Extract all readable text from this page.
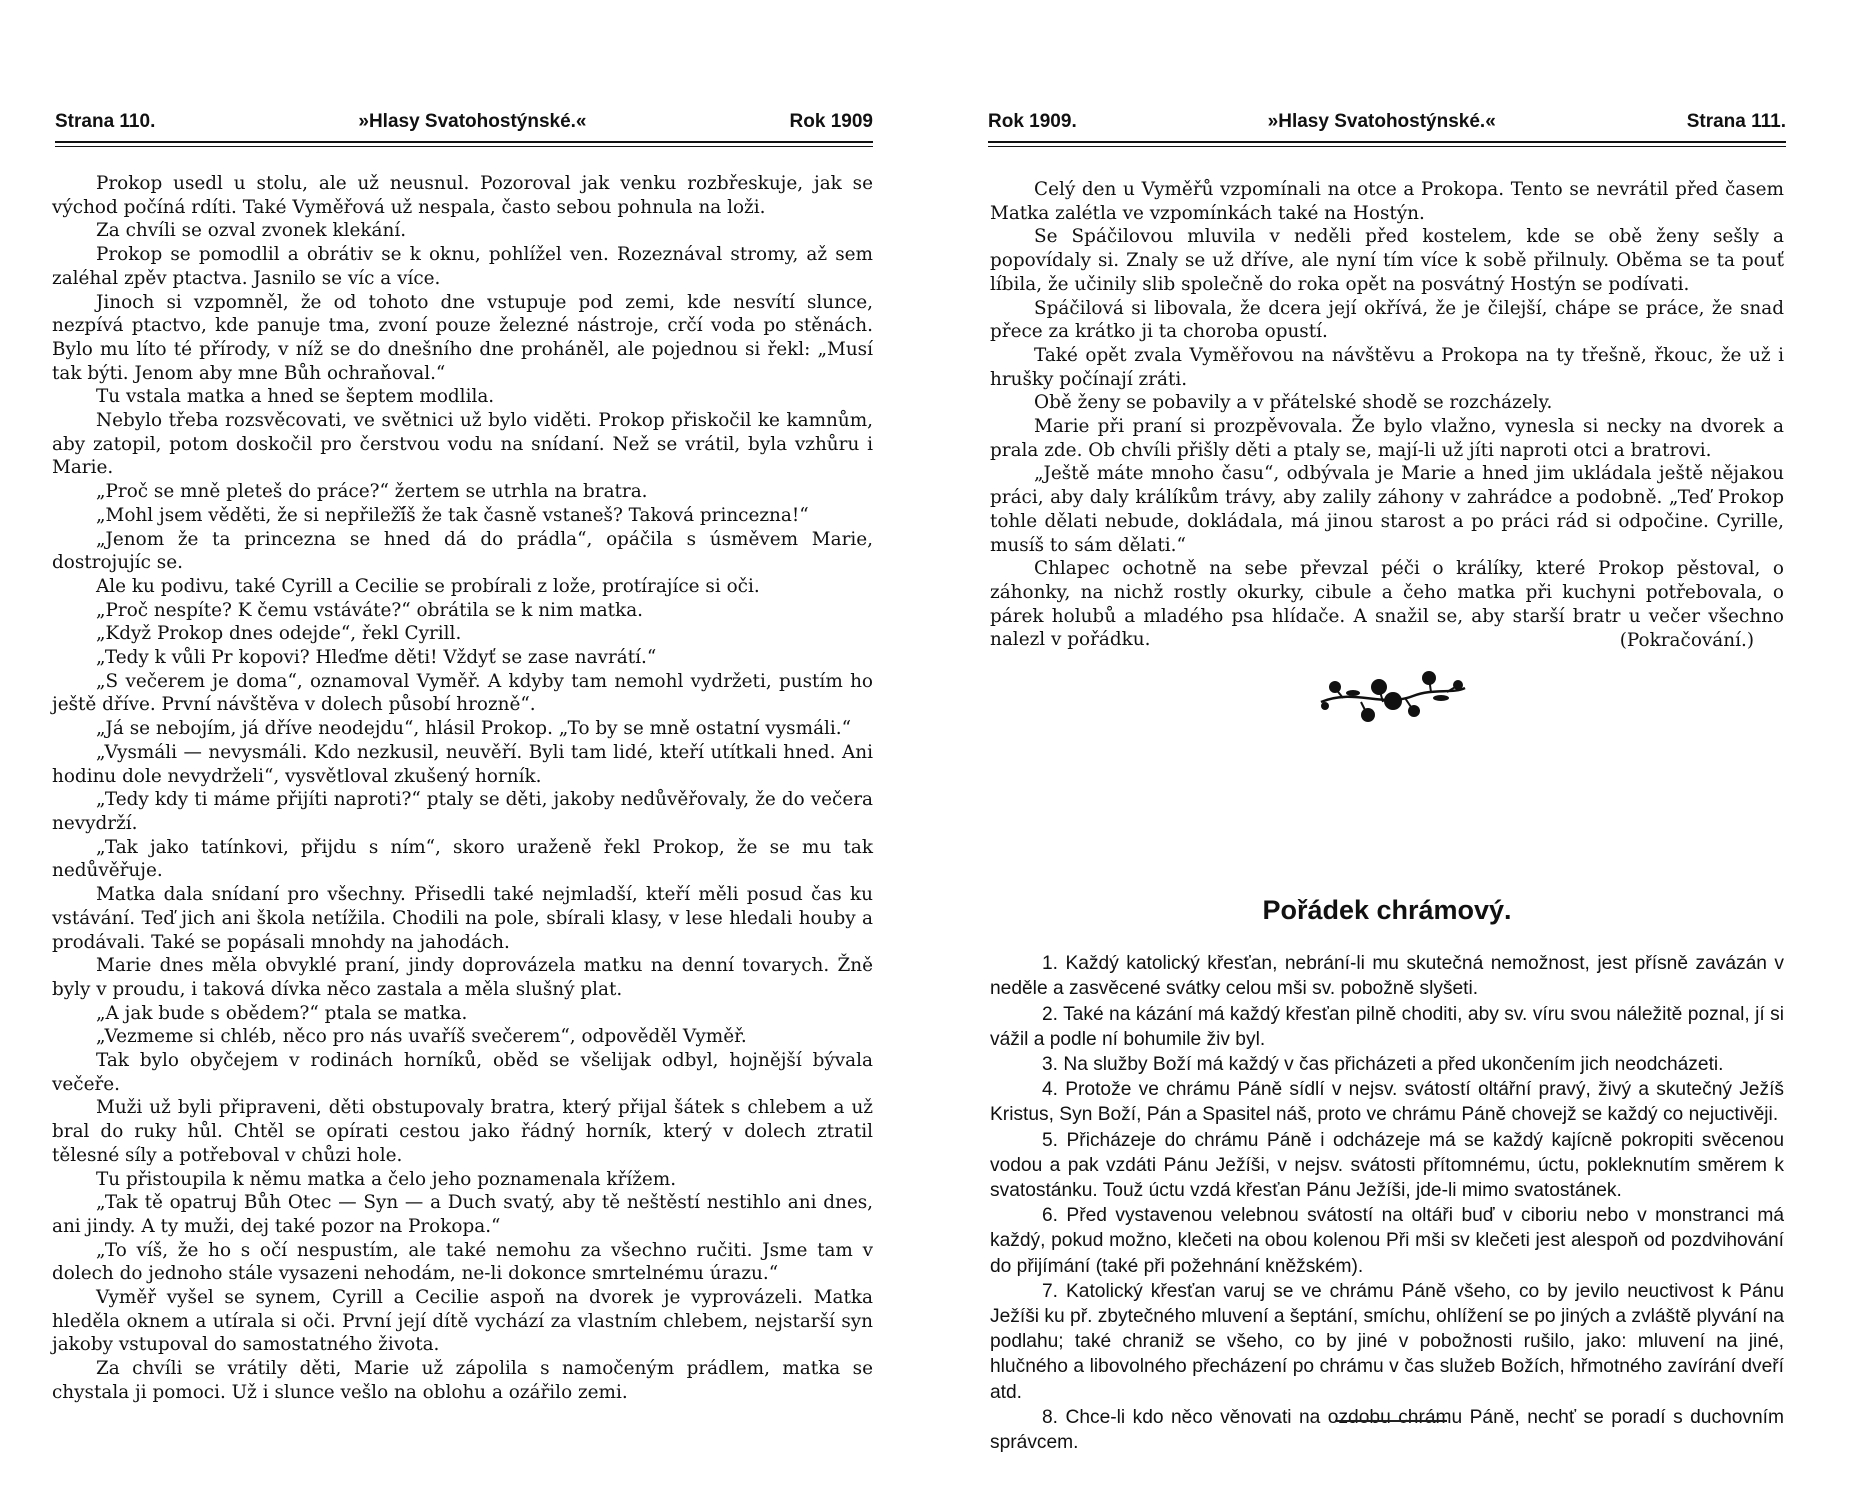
Strana 110.	»Hlasy Svatohostýnské.«	Rok 1909

Prokop usedl u stolu, ale už neusnul. Pozoroval jak venku rozbřeskuje, jak se východ počíná rdíti. Také Vyměřová už nespala, často sebou pohnula na loži.

Za chvíli se ozval zvonek klekání.

Prokop se pomodlil a obrátiv se k oknu, pohlížel ven. Rozeznával stromy, až sem zaléhal zpěv ptactva. Jasnilo se víc a více.

Jinoch si vzpomněl, že od tohoto dne vstupuje pod zemi, kde nesvítí slunce, nezpívá ptactvo, kde panuje tma, zvoní pouze železné nástroje, crčí voda po stěnách. Bylo mu líto té přírody, v níž se do dnešního dne proháněl, ale pojednou si řekl: „Musí tak býti. Jenom aby mne Bůh ochraňoval.“

Tu vstala matka a hned se šeptem modlila.

Nebylo třeba rozsvěcovati, ve světnici už bylo viděti. Prokop přiskočil ke kamnům, aby zatopil, potom doskočil pro čerstvou vodu na snídaní. Než se vrátil, byla vzhůru i Marie.

„Proč se mně pleteš do práce?“ žertem se utrhla na bratra.

„Mohl jsem věděti, že si nepřileží̌š že tak časně vstaneš? Taková princezna!“

„Jenom že ta princezna se hned dá do prádla“, opáčila s úsměvem Marie, dostrojujíc se.

Ale ku podivu, také Cyrill a Cecilie se probírali z lože, protírajíce si oči.

„Proč nespíte? K čemu vstáváte?“ obrátila se k nim matka.

„Když Prokop dnes odejde“, řekl Cyrill.

„Tedy k vůli Pr kopovi? Hleďme děti! Vždyť se zase navrátí.“

„S večerem je doma“, oznamoval Vyměř. A kdyby tam nemohl vydržeti, pustím ho ještě dříve. První návštěva v dolech působí hrozně“.

„Já se nebojím, já dříve neodejdu“, hlásil Prokop. „To by se mně ostatní vysmáli.“

„Vysmáli — nevysmáli. Kdo nezkusil, neuvěří. Byli tam lidé, kteří utítkali hned. Ani hodinu dole nevydrželi“, vysvětloval zkušený horník.

„Tedy kdy ti máme přijíti naproti?“ ptaly se děti, jakoby nedůvěřovaly, že do večera nevydrží.

„Tak jako tatínkovi, přijdu s ním“, skoro uraženě řekl Prokop, že se mu tak nedůvěřuje.

Matka dala snídaní pro všechny. Přisedli také nejmladší, kteří měli posud čas ku vstávání. Teď jich ani škola netížila. Chodili na pole, sbírali klasy, v lese hledali houby a prodávali. Také se popásali mnohdy na jahodách.

Marie dnes měla obvyklé praní, jindy doprovázela matku na denní tovarych. Žně byly v proudu, i taková dívka něco zastala a měla slušný plat.

„A jak bude s obědem?“ ptala se matka.

„Vezmeme si chléb, něco pro nás uvaříš svečerem“, odpověděl Vyměř.

Tak bylo obyčejem v rodinách horníků, oběd se všelijak odbyl, hojnější bývala večeře.

Muži už byli připraveni, děti obstupovaly bratra, který přijal šátek s chlebem a už bral do ruky hůl. Chtěl se opírati cestou jako řádný horník, který v dolech ztratil tělesné síly a potřeboval v chůzi hole.

Tu přistoupila k němu matka a čelo jeho poznamenala křížem.

„Tak tě opatruj Bůh Otec — Syn — a Duch svatý, aby tě neštěstí nestihlo ani dnes, ani jindy. A ty muži, dej také pozor na Prokopa.“

„To víš, že ho s očí nespustím, ale také nemohu za všechno ručiti. Jsme tam v dolech do jednoho stále vysazeni nehodám, ne-li dokonce smrtelnému úrazu.“

Vyměř vyšel se synem, Cyrill a Cecilie aspoň na dvorek je vyprovázeli. Matka hleděla oknem a utírala si oči. První její dítě vychází za vlastním chlebem, nejstarší syn jakoby vstupoval do samostatného života.

Za chvíli se vrátily děti, Marie už zápolila s namočeným prádlem, matka se chystala ji pomoci. Už i slunce vešlo na oblohu a ozářilo zemi.

Rok 1909.	»Hlasy Svatohostýnské.«	Strana 111.

Celý den u Vyměřů vzpomínali na otce a Prokopa. Tento se nevrátil před časem Matka zalétla ve vzpomínkách také na Hostýn.

Se Spáčilovou mluvila v neděli před kostelem, kde se obě ženy sešly a popovídaly si. Znaly se už dříve, ale nyní tím více k sobě přilnuly. Oběma se ta pouť líbila, že učinily slib společně do roka opět na posvátný Hostýn se podívati.

Spáčilová si libovala, že dcera její okřívá, že je čilejší, chápe se práce, že snad přece za krátko ji ta choroba opustí.

Také opět zvala Vyměřovou na návštěvu a Prokopa na ty třešně, řkouc, že už i hrušky počínají zráti.

Obě ženy se pobavily a v přátelské shodě se rozcházely.

Marie při praní si prozpěvovala. Že bylo vlažno, vynesla si necky na dvorek a prala zde. Ob chvíli přišly děti a ptaly se, mají-li už jíti naproti otci a bratrovi.

„Ještě máte mnoho času“, odbývala je Marie a hned jim ukládala ještě nějakou práci, aby daly králíkům trávy, aby zalily záhony v zahrádce a podobně. „Teď Prokop tohle dělati nebude, dokládala, má jinou starost a po práci rád si odpočine. Cyrille, musíš to sám dělati.“

Chlapec ochotně na sebe převzal péči o králíky, které Prokop pěstoval, o záhonky, na nichž rostly okurky, cibule a čeho matka při kuchyni potřebovala, o párek holubů a mladého psa hlídače. A snažil se, aby starší bratr u večer všechno nalezl v pořádku.	(Pokračování.)

Pořádek chrámový.

1. Každý katolický křesťan, nebrání-li mu skutečná nemožnost, jest přísně zavázán v neděle a zasvěcené svátky celou mši sv. pobožně slyšeti.

2. Také na kázání má každý křesťan pilně choditi, aby sv. víru svou náležitě poznal, jí si vážil a podle ní bohumile živ byl.

3. Na služby Boží má každý v čas přicházeti a před ukončením jich neodcházeti.

4. Protože ve chrámu Páně sídlí v nejsv. svátostí oltářní pravý, živý a skutečný Ježíš Kristus, Syn Boží, Pán a Spasitel náš, proto ve chrámu Páně chovejž se každý co nejuctivěji.

5. Přicházeje do chrámu Páně i odcházeje má se každý kajícně pokropiti svěcenou vodou a pak vzdáti Pánu Ježíši, v nejsv. svátosti přítomnému, úctu, pokleknutím směrem k svatostánku. Touž úctu vzdá křesťan Pánu Ježíši, jde-li mimo svatostánek.

6. Před vystavenou velebnou svátostí na oltáři buď v ciboriu nebo v monstranci má každý, pokud možno, klečeti na obou kolenou Při mši sv klečeti jest alespoň od pozdvihování do přijímání (také při požehnání kněžském).

7. Katolický křesťan varuj se ve chrámu Páně všeho, co by jevilo neuctivost k Pánu Ježíši ku př. zbytečného mluvení a šeptání, smíchu, ohlížení se po jiných a zvláště plyvání na podlahu; také chraniž se všeho, co by jiné v pobožnosti rušilo, jako: mluvení na jiné, hlučného a libovolného přecházení po chrámu v čas služeb Božích, hřmotného zavírání dveří atd.

8. Chce-li kdo něco věnovati na ozdobu chrámu Páně, nechť se poradí s duchovním správcem.
